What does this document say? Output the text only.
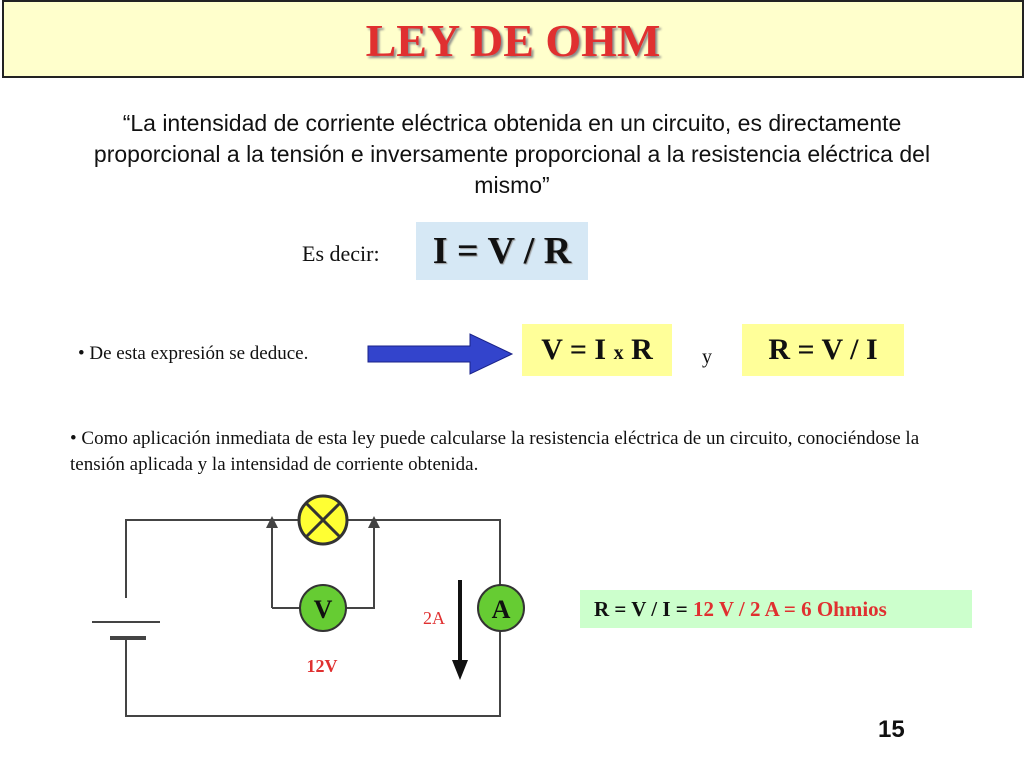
LEY DE OHM
“La intensidad de corriente eléctrica obtenida en un circuito, es directamente proporcional a la tensión e inversamente proporcional a la resistencia eléctrica del mismo”
Es decir:	I = V / R
• De esta expresión se deduce.	V = I x R	y	R = V / I
• Como aplicación inmediata de esta ley puede calcularse la resistencia eléctrica de un circuito, conociéndose la tensión aplicada y la intensidad de corriente obtenida.
V
12V
A
2A	R = V / I = 12 V / 2 A = 6 Ohmios
15
